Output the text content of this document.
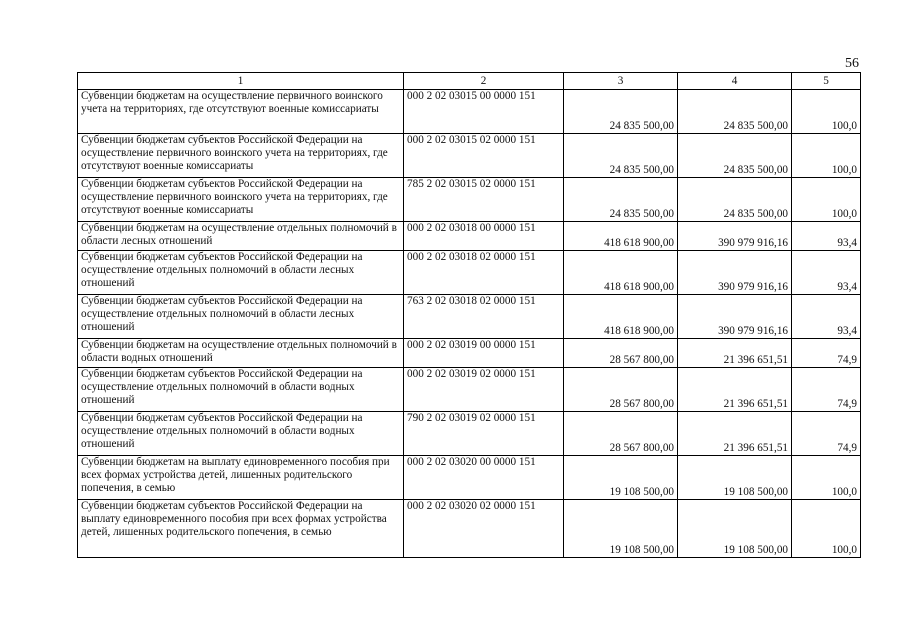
56
1	2	3	4	5
Субвенции бюджетам на осуществление первичного воинского учета на территориях, где отсутствуют военные комиссариаты	000 2 02 03015 00 0000 151	24 835 500,00	24 835 500,00	100,0
Субвенции бюджетам субъектов Российской Федерации на осуществление первичного воинского учета на территориях, где отсутствуют военные комиссариаты	000 2 02 03015 02 0000 151	24 835 500,00	24 835 500,00	100,0
Субвенции бюджетам субъектов Российской Федерации на осуществление первичного воинского учета на территориях, где отсутствуют военные комиссариаты	785 2 02 03015 02 0000 151	24 835 500,00	24 835 500,00	100,0
Субвенции бюджетам на осуществление отдельных полномочий в области лесных отношений	000 2 02 03018 00 0000 151	418 618 900,00	390 979 916,16	93,4
Субвенции бюджетам субъектов Российской Федерации на осуществление отдельных полномочий в области лесных отношений	000 2 02 03018 02 0000 151	418 618 900,00	390 979 916,16	93,4
Субвенции бюджетам субъектов Российской Федерации на осуществление отдельных полномочий в области лесных отношений	763 2 02 03018 02 0000 151	418 618 900,00	390 979 916,16	93,4
Субвенции бюджетам на осуществление отдельных полномочий в области водных отношений	000 2 02 03019 00 0000 151	28 567 800,00	21 396 651,51	74,9
Субвенции бюджетам субъектов Российской Федерации на осуществление отдельных полномочий в области водных отношений	000 2 02 03019 02 0000 151	28 567 800,00	21 396 651,51	74,9
Субвенции бюджетам субъектов Российской Федерации на осуществление отдельных полномочий в области водных отношений	790 2 02 03019 02 0000 151	28 567 800,00	21 396 651,51	74,9
Субвенции бюджетам на выплату единовременного пособия при всех формах устройства детей, лишенных родительского попечения, в семью	000 2 02 03020 00 0000 151	19 108 500,00	19 108 500,00	100,0
Субвенции бюджетам субъектов Российской Федерации на выплату единовременного пособия при всех формах устройства детей, лишенных родительского попечения, в семью	000 2 02 03020 02 0000 151	19 108 500,00	19 108 500,00	100,0
